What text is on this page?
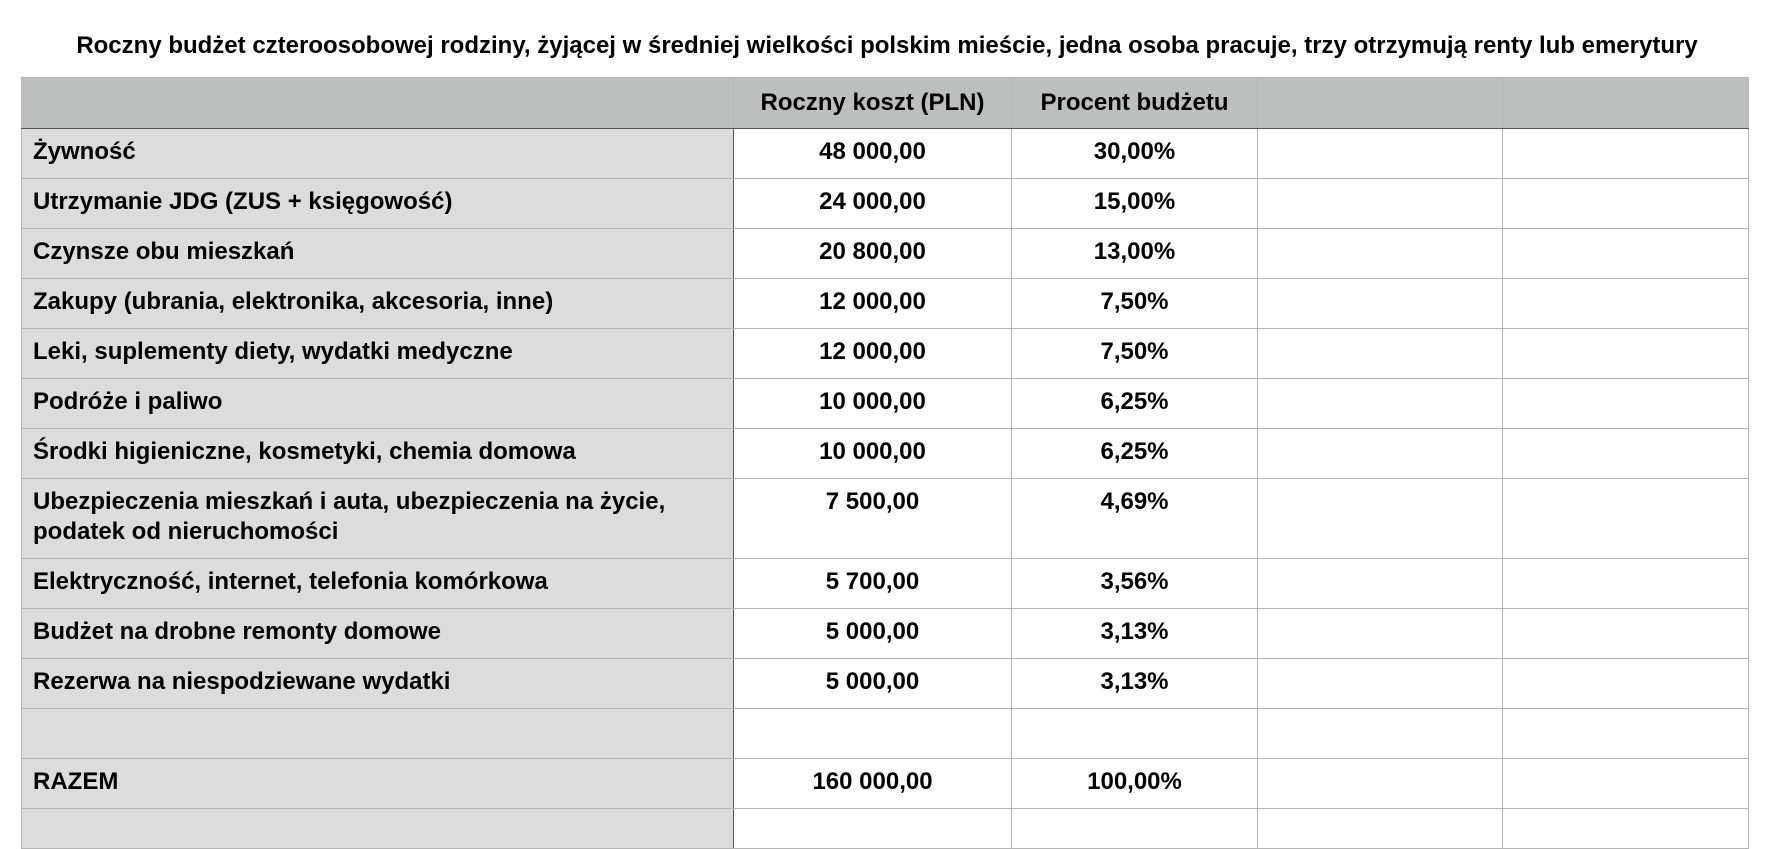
Roczny budżet czteroosobowej rodziny, żyjącej w średniej wielkości polskim mieście, jedna osoba pracuje, trzy otrzymują renty lub emerytury
	Roczny koszt (PLN)	Procent budżetu		
Żywność	48 000,00	30,00%		
Utrzymanie JDG (ZUS + księgowość)	24 000,00	15,00%		
Czynsze obu mieszkań	20 800,00	13,00%		
Zakupy (ubrania, elektronika, akcesoria, inne)	12 000,00	7,50%		
Leki, suplementy diety, wydatki medyczne	12 000,00	7,50%		
Podróże i paliwo	10 000,00	6,25%		
Środki higieniczne, kosmetyki, chemia domowa	10 000,00	6,25%		
Ubezpieczenia mieszkań i auta, ubezpieczenia na życie, podatek od nieruchomości	7 500,00	4,69%		
Elektryczność, internet, telefonia komórkowa	5 700,00	3,56%		
Budżet na drobne remonty domowe	5 000,00	3,13%		
Rezerwa na niespodziewane wydatki	5 000,00	3,13%		

RAZEM	160 000,00	100,00%		
